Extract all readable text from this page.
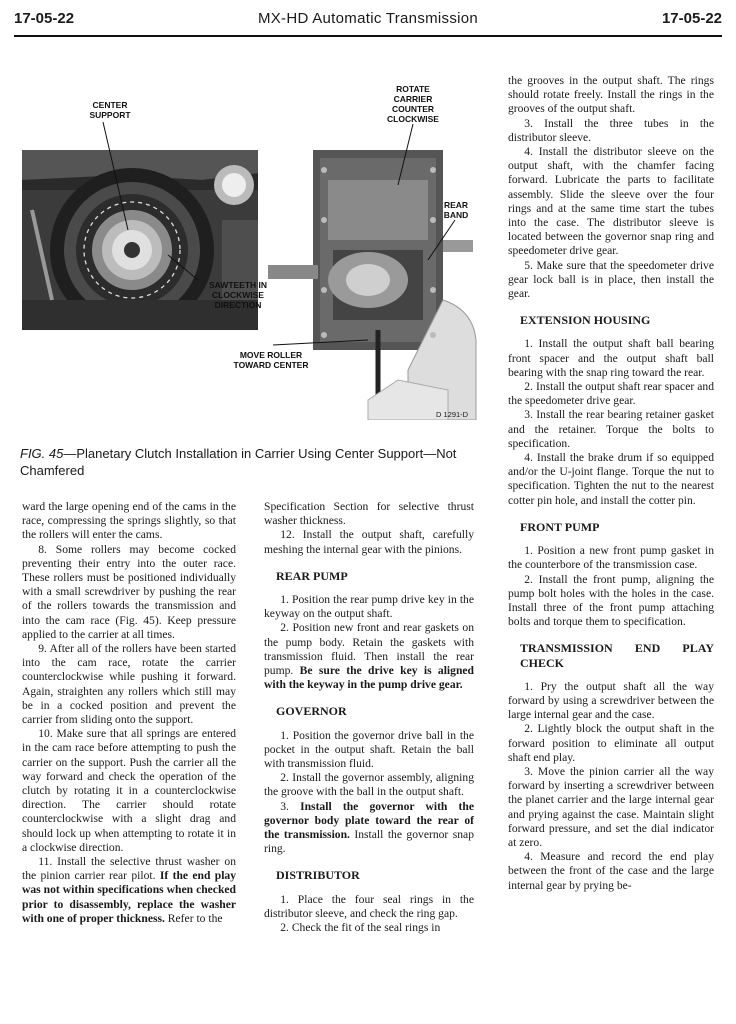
17-05-22	MX-HD Automatic Transmission	17-05-22
CENTER
SUPPORT
ROTATE
CARRIER
COUNTER
CLOCKWISE
REAR
BAND
SAWTEETH IN
CLOCKWISE
DIRECTION
MOVE ROLLER
TOWARD CENTER
D 1291-D
FIG. 45—Planetary Clutch Installation in Carrier Using Center Support—Not Chamfered

ward the large opening end of the cams in the race, compressing the springs slightly, so that the rollers will enter the cams.

8. Some rollers may become cocked preventing their entry into the outer race. These rollers must be positioned individually with a small screwdriver by pushing the rear of the rollers towards the transmission and into the cam race (Fig. 45). Keep pressure applied to the carrier at all times.

9. After all of the rollers have been started into the cam race, rotate the carrier counterclockwise while pushing it forward. Again, straighten any rollers which still may be in a cocked position and prevent the carrier from sliding onto the support.

10. Make sure that all springs are entered in the cam race before attempting to push the carrier on the support. Push the carrier all the way forward and check the operation of the clutch by rotating it in a counterclockwise direction. The carrier should rotate counterclockwise with a slight drag and should lock up when attempting to rotate it in a clockwise direction.

11. Install the selective thrust washer on the pinion carrier rear pilot. If the end play was not within specifications when checked prior to disassembly, replace the washer with one of proper thickness. Refer to the

Specification Section for selective thrust washer thickness.

12. Install the output shaft, carefully meshing the internal gear with the pinions.

REAR PUMP

1. Position the rear pump drive key in the keyway on the output shaft.

2. Position new front and rear gaskets on the pump body. Retain the gaskets with transmission fluid. Then install the rear pump. Be sure the drive key is aligned with the keyway in the pump drive gear.

GOVERNOR

1. Position the governor drive ball in the pocket in the output shaft. Retain the ball with transmission fluid.

2. Install the governor assembly, aligning the groove with the ball in the output shaft.

3. Install the governor with the governor body plate toward the rear of the transmission. Install the governor snap ring.

DISTRIBUTOR

1. Place the four seal rings in the distributor sleeve, and check the ring gap.

2. Check the fit of the seal rings in

the grooves in the output shaft. The rings should rotate freely. Install the rings in the grooves of the output shaft.

3. Install the three tubes in the distributor sleeve.

4. Install the distributor sleeve on the output shaft, with the chamfer facing forward. Lubricate the parts to facilitate assembly. Slide the sleeve over the four rings and at the same time start the tubes into the case. The distributor sleeve is located between the governor snap ring and speedometer drive gear.

5. Make sure that the speedometer drive gear lock ball is in place, then install the gear.

EXTENSION HOUSING

1. Install the output shaft ball bearing front spacer and the output shaft ball bearing with the snap ring toward the rear.

2. Install the output shaft rear spacer and the speedometer drive gear.

3. Install the rear bearing retainer gasket and the retainer. Torque the bolts to specification.

4. Install the brake drum if so equipped and/or the U-joint flange. Torque the nut to specification. Tighten the nut to the nearest cotter pin hole, and install the cotter pin.

FRONT PUMP

1. Position a new front pump gasket in the counterbore of the transmission case.

2. Install the front pump, aligning the pump bolt holes with the holes in the case. Install three of the front pump attaching bolts and torque them to specification.

TRANSMISSION END PLAY CHECK

1. Pry the output shaft all the way forward by using a screwdriver between the large internal gear and the case.

2. Lightly block the output shaft in the forward position to eliminate all output shaft end play.

3. Move the pinion carrier all the way forward by inserting a screwdriver between the planet carrier and the large internal gear and prying against the case. Maintain slight forward pressure, and set the dial indicator at zero.

4. Measure and record the end play between the front of the case and the large internal gear by prying be-
